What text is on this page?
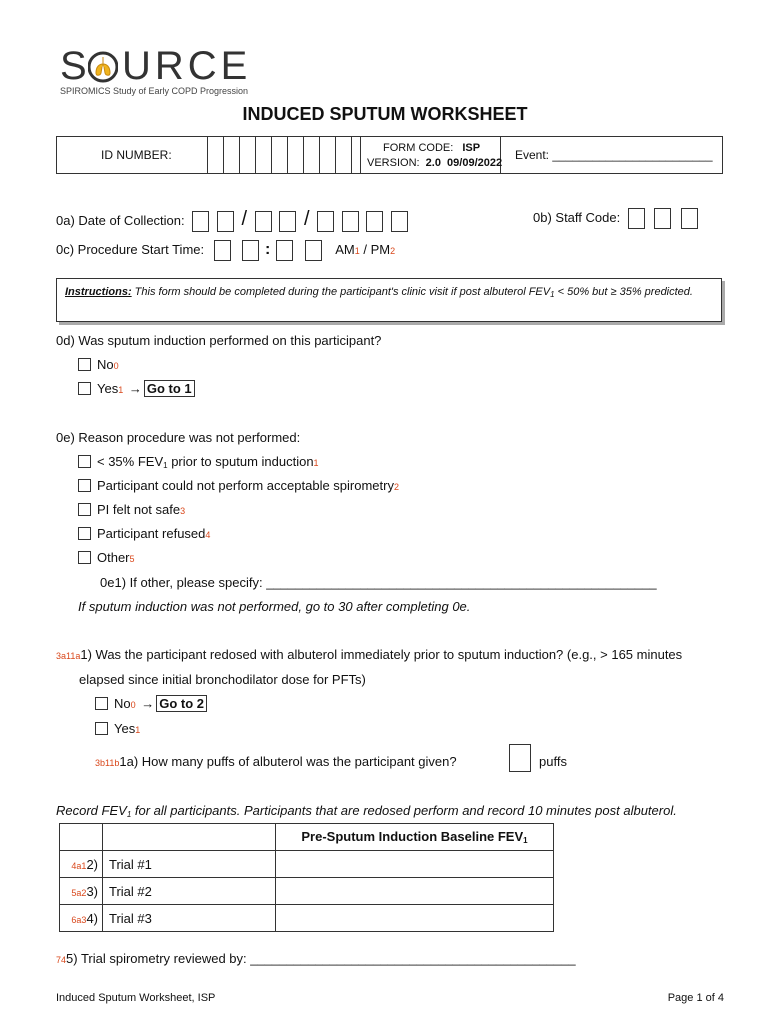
S URCE
SPIROMICS Study of Early COPD Progression
INDUCED SPUTUM WORKSHEET
ID NUMBER:	FORM CODE: ISP
VERSION: 2.0  09/09/2022
Event: ________________________
0a) Date of Collection:	/	/	0b) Staff Code:
0c) Procedure Start Time:	:	AM1 / PM2
Instructions: This form should be completed during the participant's clinic visit if post albuterol $FEV_1 < 50\%$ but ≥ 35% predicted.
0d) Was sputum induction performed on this participant?
No0
Yes1 → Go to 1
0e) Reason procedure was not performed:
< 35% $FEV_1$ prior to sputum induction1
Participant could not perform acceptable spirometry2
PI felt not safe3
Participant refused4
Other5
0e1) If other, please specify: ______________________________________________________
If sputum induction was not performed, go to 30 after completing 0e.
3a11a1) Was the participant redosed with albuterol immediately prior to sputum induction? (e.g., > 165 minutes
elapsed since initial bronchodilator dose for PFTs)
No0 → Go to 2
Yes1
3b11b1a) How many puffs of albuterol was the participant given?	puffs
Record $FEV_1$ for all participants. Participants that are redosed perform and record 10 minutes post albuterol.
		Pre-Sputum Induction Baseline $FEV_1$
4a12)	Trial #1	
5a23)	Trial #2	
6a34)	Trial #3	
745) Trial spirometry reviewed by: _____________________________________________
Induced Sputum Worksheet, ISP	Page 1 of 4
